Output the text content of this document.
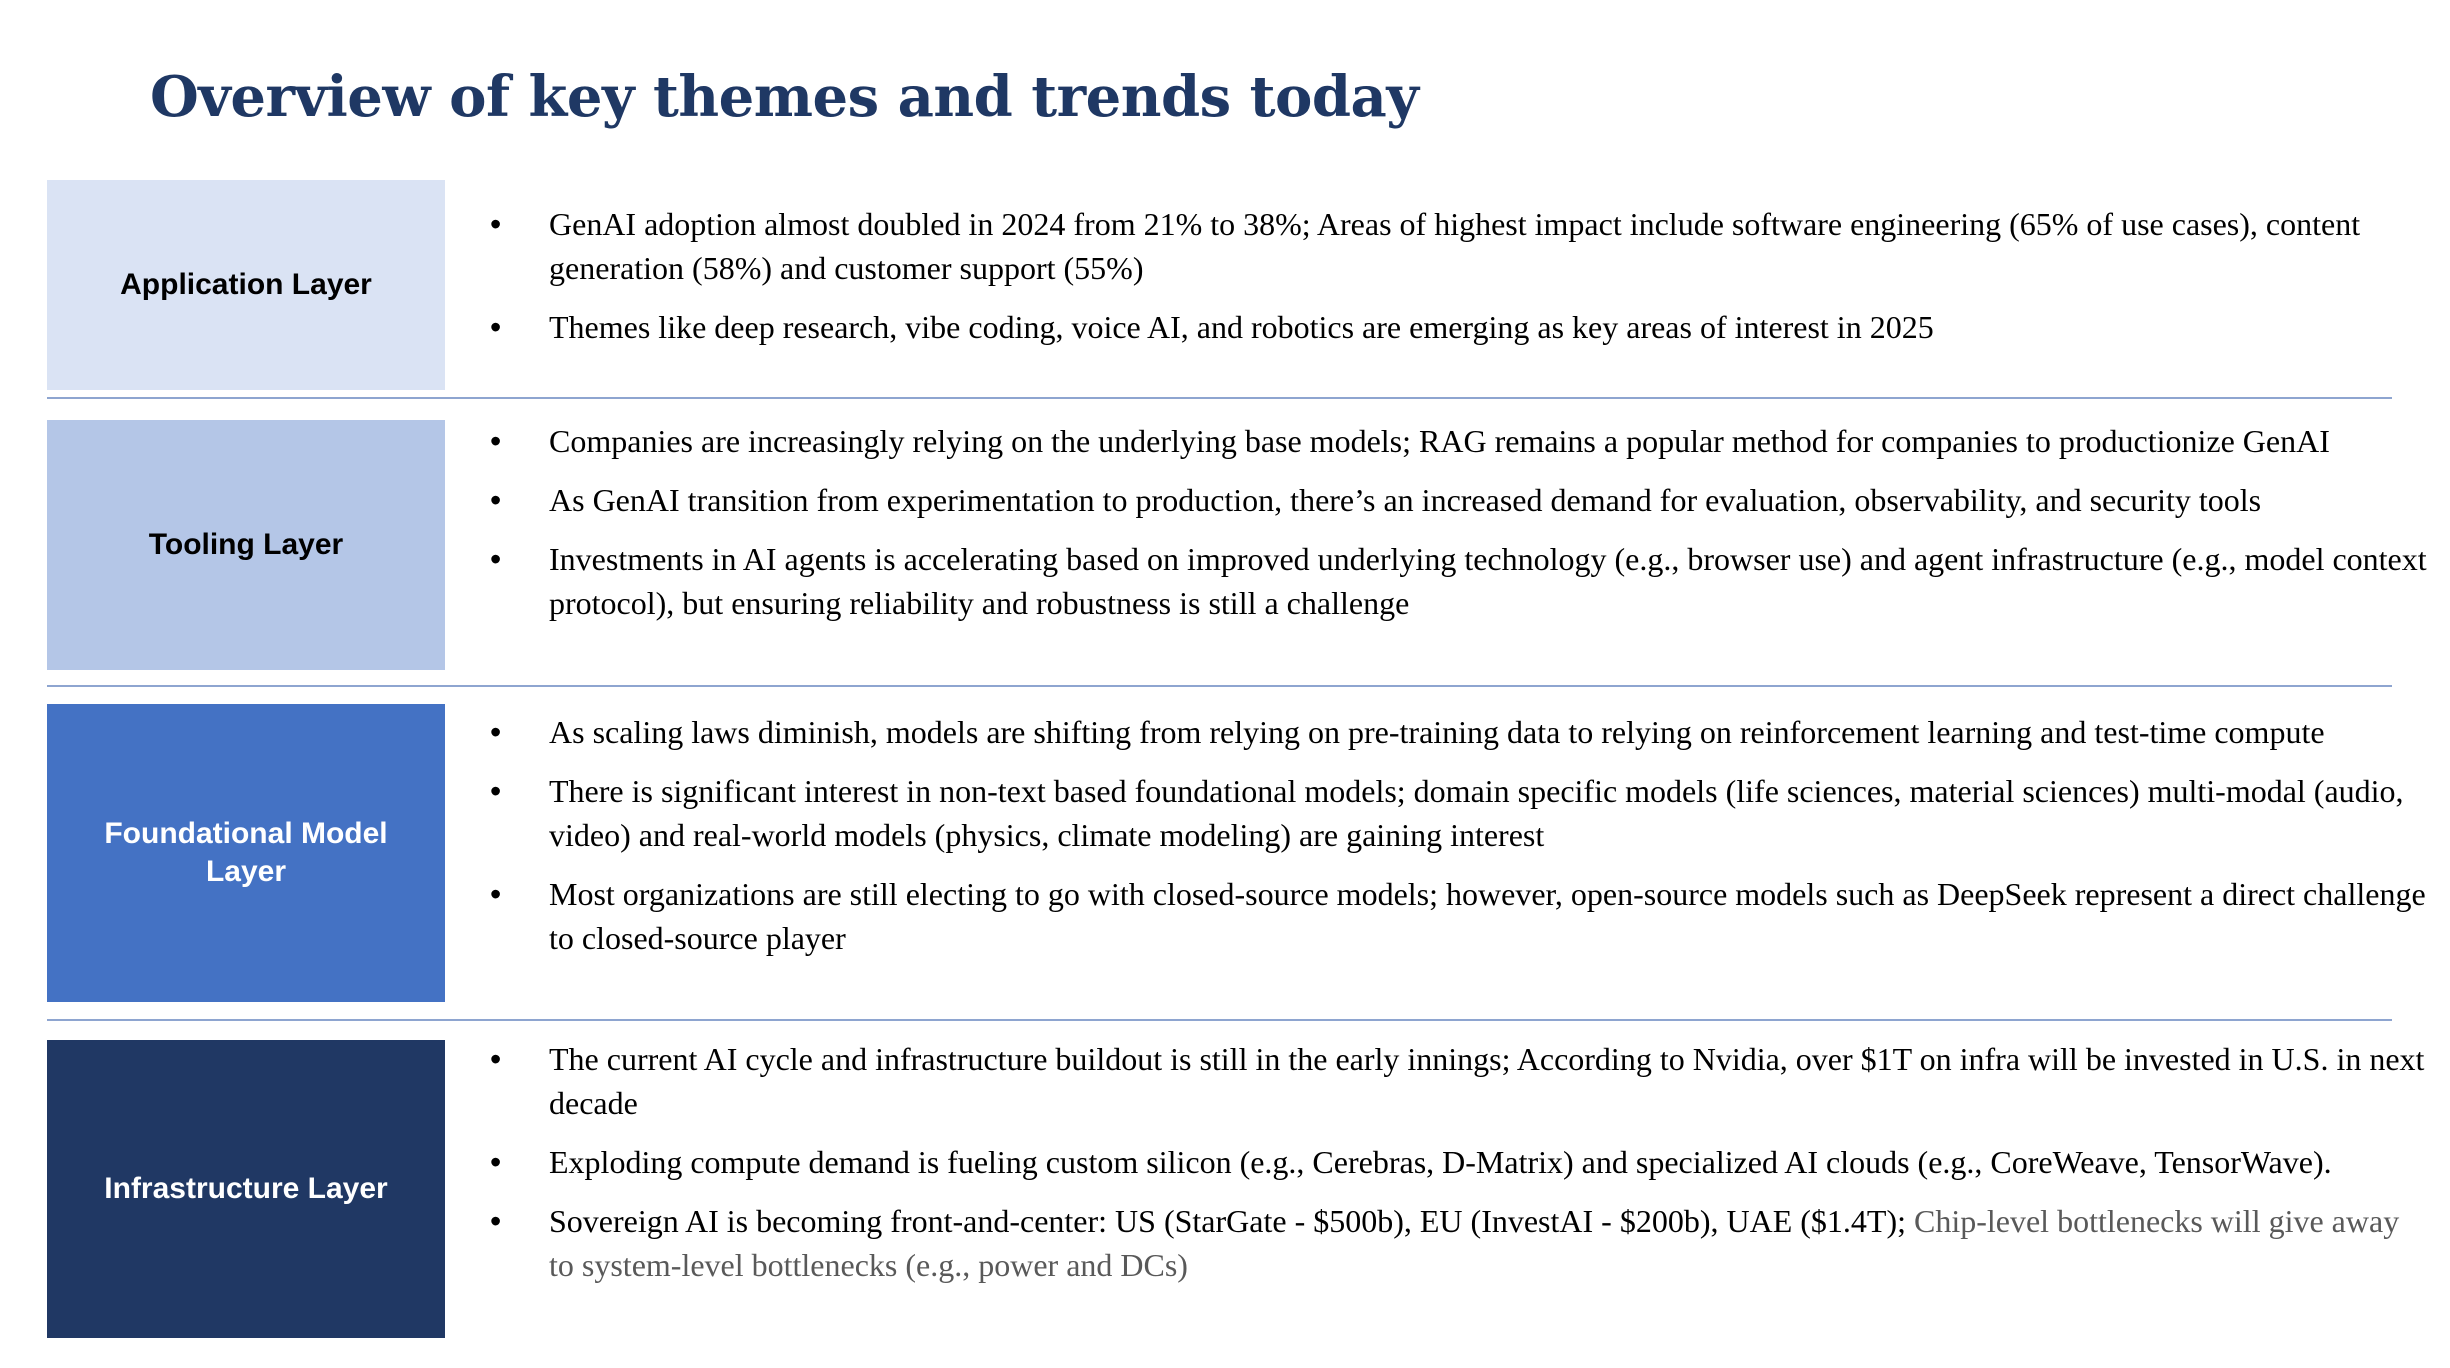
Overview of key themes and trends today
Application Layer
• GenAI adoption almost doubled in 2024 from 21% to 38%; Areas of highest impact include software engineering (65% of use cases), content generation (58%) and customer support (55%)
• Themes like deep research, vibe coding, voice AI, and robotics are emerging as key areas of interest in 2025
Tooling Layer
• Companies are increasingly relying on the underlying base models; RAG remains a popular method for companies to productionize GenAI
• As GenAI transition from experimentation to production, there’s an increased demand for evaluation, observability, and security tools
• Investments in AI agents is accelerating based on improved underlying technology (e.g., browser use) and agent infrastructure (e.g., model context protocol), but ensuring reliability and robustness is still a challenge
Foundational Model Layer
• As scaling laws diminish, models are shifting from relying on pre-training data to relying on reinforcement learning and test-time compute
• There is significant interest in non-text based foundational models; domain specific models (life sciences, material sciences) multi-modal (audio, video) and real-world models (physics, climate modeling) are gaining interest
• Most organizations are still electing to go with closed-source models; however, open-source models such as DeepSeek represent a direct challenge to closed-source player
Infrastructure Layer
• The current AI cycle and infrastructure buildout is still in the early innings; According to Nvidia, over $1T on infra will be invested in U.S. in next decade
• Exploding compute demand is fueling custom silicon (e.g., Cerebras, D-Matrix) and specialized AI clouds (e.g., CoreWeave, TensorWave).
• Sovereign AI is becoming front-and-center: US (StarGate - $500b), EU (InvestAI - $200b), UAE ($1.4T); Chip-level bottlenecks will give away to system-level bottlenecks (e.g., power and DCs)
